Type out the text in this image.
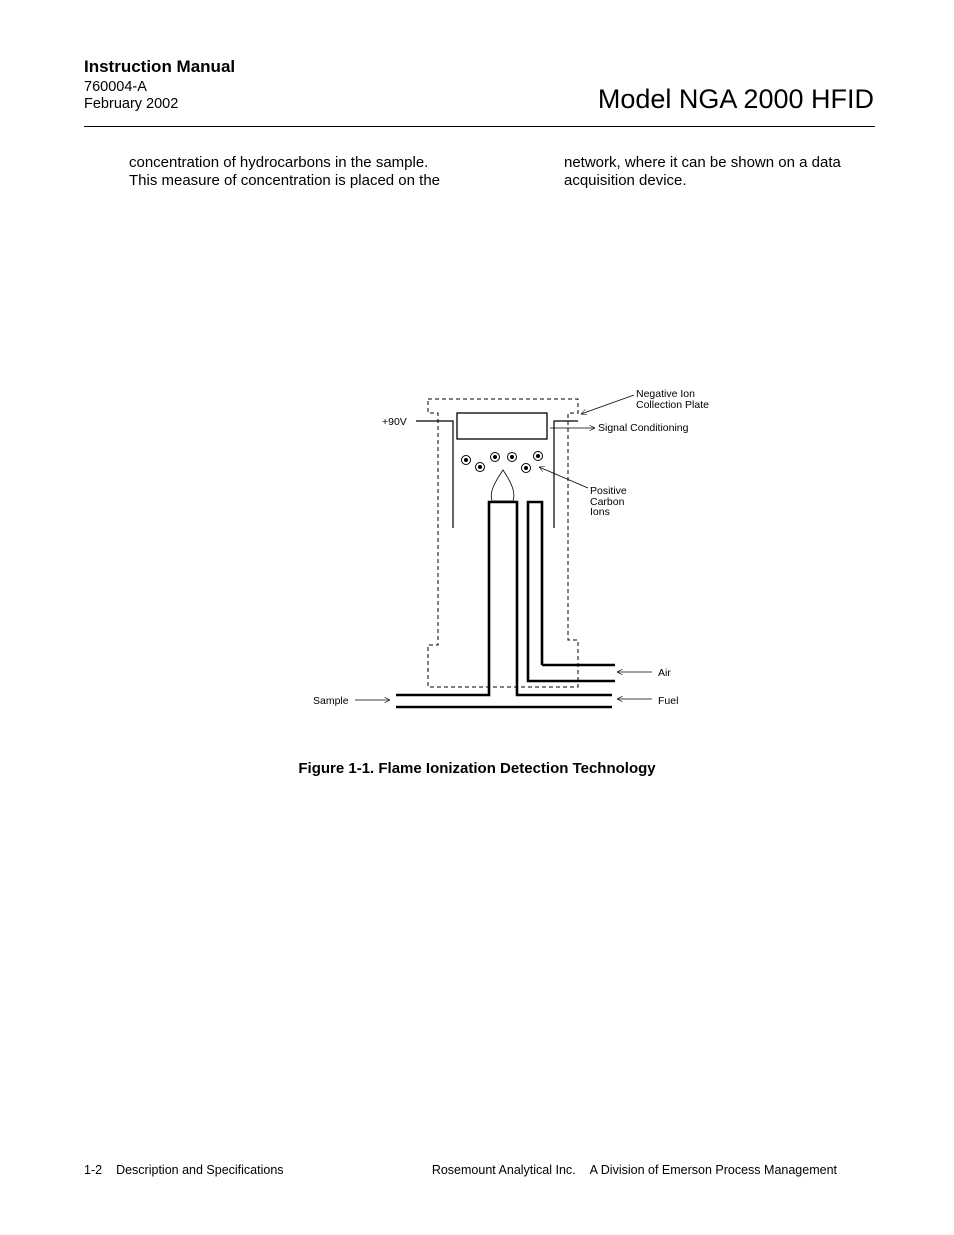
Instruction Manual
760004-A
February 2002	Model NGA 2000 HFID
concentration of hydrocarbons in the sample.
This measure of concentration is placed on the
network, where it can be shown on a data
acquisition device.
Negative Ion
Collection Plate
+90V	Signal Conditioning
Positive
Carbon
Ions
Air
Fuel
Sample
Figure 1-1. Flame Ionization Detection Technology
1-2 Description and Specifications	Rosemount Analytical Inc. A Division of Emerson Process Management
